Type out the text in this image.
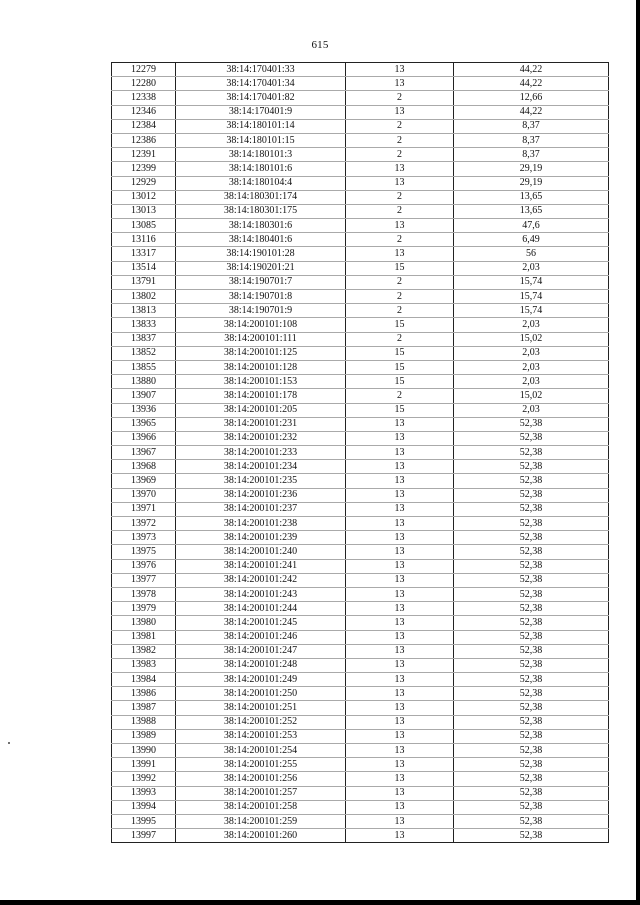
615
12279	38:14:170401:33	13	44,22
12280	38:14:170401:34	13	44,22
12338	38:14:170401:82	2	12,66
12346	38:14:170401:9	13	44,22
12384	38:14:180101:14	2	8,37
12386	38:14:180101:15	2	8,37
12391	38:14:180101:3	2	8,37
12399	38:14:180101:6	13	29,19
12929	38:14:180104:4	13	29,19
13012	38:14:180301:174	2	13,65
13013	38:14:180301:175	2	13,65
13085	38:14:180301:6	13	47,6
13116	38:14:180401:6	2	6,49
13317	38:14:190101:28	13	56
13514	38:14:190201:21	15	2,03
13791	38:14:190701:7	2	15,74
13802	38:14:190701:8	2	15,74
13813	38:14:190701:9	2	15,74
13833	38:14:200101:108	15	2,03
13837	38:14:200101:111	2	15,02
13852	38:14:200101:125	15	2,03
13855	38:14:200101:128	15	2,03
13880	38:14:200101:153	15	2,03
13907	38:14:200101:178	2	15,02
13936	38:14:200101:205	15	2,03
13965	38:14:200101:231	13	52,38
13966	38:14:200101:232	13	52,38
13967	38:14:200101:233	13	52,38
13968	38:14:200101:234	13	52,38
13969	38:14:200101:235	13	52,38
13970	38:14:200101:236	13	52,38
13971	38:14:200101:237	13	52,38
13972	38:14:200101:238	13	52,38
13973	38:14:200101:239	13	52,38
13975	38:14:200101:240	13	52,38
13976	38:14:200101:241	13	52,38
13977	38:14:200101:242	13	52,38
13978	38:14:200101:243	13	52,38
13979	38:14:200101:244	13	52,38
13980	38:14:200101:245	13	52,38
13981	38:14:200101:246	13	52,38
13982	38:14:200101:247	13	52,38
13983	38:14:200101:248	13	52,38
13984	38:14:200101:249	13	52,38
13986	38:14:200101:250	13	52,38
13987	38:14:200101:251	13	52,38
13988	38:14:200101:252	13	52,38
13989	38:14:200101:253	13	52,38
13990	38:14:200101:254	13	52,38
13991	38:14:200101:255	13	52,38
13992	38:14:200101:256	13	52,38
13993	38:14:200101:257	13	52,38
13994	38:14:200101:258	13	52,38
13995	38:14:200101:259	13	52,38
13997	38:14:200101:260	13	52,38
